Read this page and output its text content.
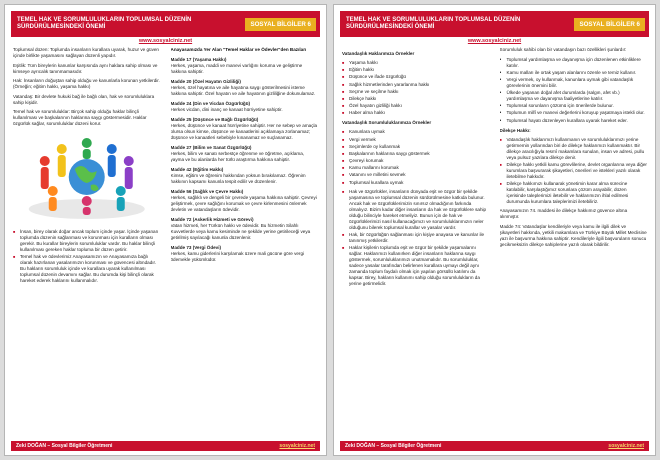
TEMEL HAK VE SORUMLULUKLARIN TOPLUMSAL DÜZENİN
SÜRDÜRÜLMESİNDEKİ ÖNEMİ	SOSYAL BİLGİLER 6
www.sosyalciniz.net

Toplumsal düzen: Toplumda insanların kurallara uyarak, huzur ve güven içinde birlikte yaşamasını sağlayan düzenli yapıdır.

Eşitlik: Tüm bireylerin kanunlar karşısında aynı haklara sahip olması ve kimseye ayrıcalık tanınmamasıdır.

Hak: İnsanların doğuştan sahip olduğu ve kanunlarla korunan yetkilerdir. (Örneğin; eğitim hakkı, yaşama hakkı)

Vatandaş: Bir devlete hukuki bağ ile bağlı olan, hak ve sorumluluklara sahip kişidir.

Temel hak ve sorumluluklar: Birçok sahip olduğu haklar bilinçli kullanılması ve başkalarının haklarına saygı göstermesidir. Haklar özgürlük sağlar, sorumluluklar düzeni korur.

■ İnsan, birey olarak doğar ancak toplum içinde yaşar. İçinde yaşanan toplumda düzenin sağlanması ve korunması için kuralların olması gerekir. Bu kurallar bireylerin sorumluluklar vardır. Bu haklar bilinçli kullanılması gereken haklar topluma bir düzen getirir.
■ Temel hak ve ödevlerimiz Anayasamızın ve Anayasamıza bağlı olarak hazırlanan yasalarımızın korunması ve güvencesi altındadır. Bu hakların sorumluluk içinde ve kurallara uyarak kullanılması toplumsal düzenin devamını sağlar. Bu durumda kişi bilinçli olarak hareket ederek haklarını kullanmalıdır.

Anayasamızda Yer Alan "Temel Haklar ve Ödevler"den Bazıları

Madde 17 (Yaşama Hakkı)
Herkes, yaşama, maddi ve manevi varlığını koruma ve geliştirme hakkına sahiptir.
Madde 20 (Özel Hayatın Gizliliği)
Herkes, özel hayatına ve aile hayatına saygı gösterilmesini isteme hakkına sahiptir. Özel hayatın ve aile hayatının gizliliğine dokunulamaz.
Madde 24 (Din ve Vicdan Özgürlüğü)
Herkes vicdan, dini inanç ve kanaat hürriyetine sahiptir.
Madde 25 (Düşünce ve Bağlı Özgürlüğü)
Herkes, düşünce ve kanaat hürriyetine sahiptir. Her ne sebep ve amaçla olursa olsun kimse, düşünce ve kanaatlerini açıklamaya zorlanamaz; düşünce ve kanaatleri sebebiyle kınanamaz ve suçlanamaz.
Madde 27 (Bilim ve Sanat Özgürlüğü)
Herkes, bilim ve sanatı serbestçe öğrenme ve öğretme, açıklama, yayma ve bu alanlarda her türlü araştırma hakkına sahiptir.
Madde 42 (Eğitim Hakkı)
Kimse, eğitim ve öğrenim hakkından yoksun bırakılamaz. Öğrenim hakkının kapsamı kanunla tespit edilir ve düzenlenir.
Madde 56 (Sağlık ve Çevre Hakkı)
Herkes, sağlıklı ve dengeli bir çevrede yaşama hakkına sahiptir. Çevreyi geliştirmek, çevre sağlığını korumak ve çevre kirlenmesini önlemek devletin ve vatandaşların ödevidir.
Madde 72 (Askerlik Hizmeti ve Görevi)
Vatan hizmeti, her Türkün hakkı ve ödevidir. Bu hizmetin Silahlı Kuvvetlerde veya kamu kesiminde ne şekilde yerine getirileceği veya getirilmiş sayılacağı kanunla düzenlenir.
Madde 73 (Vergi Ödevi)
Herkes, kamu giderlerini karşılamak üzere mali gücüne göre vergi ödemekle yükümlüdür.
Zeki DOĞAN – Sosyal Bilgiler Öğretmeni	sosyalciniz.net
TEMEL HAK VE SORUMLULUKLARIN TOPLUMSAL DÜZENİN
SÜRDÜRÜLMESİNDEKİ ÖNEMİ	SOSYAL BİLGİLER 6
www.sosyalciniz.net

Vatandaşlık Haklarımıza Örnekler

■ Yaşama hakkı
■ Eğitim hakkı
■ Düşünce ve ifade özgürlüğü
■ Sağlık hizmetlerinden yararlanma hakkı
■ Seçme ve seçilme hakkı
■ Dilekçe hakkı
■ Özel hayatın gizliliği hakkı
■ Haber alma hakkı

Vatandaşlık Sorumluluklarımıza Örnekler

■ Kanunlara uymak
■ Vergi vermek
■ Seçimlerde oy kullanmak
■ Başkalarının haklarına saygı göstermek
■ Çevreyi korumak
■ Kamu mallarını korumak
■ Vatanını ve milletini sevmek
■ Toplumsal kurallara uymak
■ Hak ve özgürlükler, insanların dünyada eşit ve özgür bir şekilde yaşamasına ve toplumsal düzenin sürdürülmesine katkıda bulunur. Ancak hak ve özgürlüklerimizin sınırsız olmadığının farkında olmalıyız. Bizim kadar diğer insanların da hak ve özgürlüklere sahip olduğu bilinciyle hareket etmeliyiz. Bunun için de hak ve özgürlüklerimizi nasıl kullanacağımızı ve sorumluluklarımızın neler olduğunu bilerek toplumsal kurallar ve yasalar vardır.
■ Hak, bir özgürlüğün sağlanması için kişiye anayasa ve kanunlar ile tanınmış yetkilerdir.
■ Haklar kişilerin toplumda eşit ve özgür bir şekilde yaşamalarını sağlar. Haklarımızı kullanırken diğer insanların haklarına saygı göstermek, sorumluluklarımızı unutmamalıdır. Bu sorumluluklar, sadece yasalar tarafından belirlenen kurallara uymayı değil aynı zamanda toplum faydalı olmak için yapılan görsüllü katılımı da kapsar. Birey, hakların kullanımı sahip olduğu sorumlulukların da yerine getirmelidir.

Sorumluluk sahibi olan bir vatandaşın bazı özellikleri şunlardır:

• Toplumsal yardımlaşma ve dayanışma için düzenlenen etkinliklere katılır.
• Kamu malları ile ortak yaşam alanlarını özenle ve temiz kullanır.
• Vergi vermek, oy kullanmak, kanunlara uymak gibi vatandaşlık görevlerinin önemini bilir.
• Ülkede yaşanan doğal afet durumlarda (salgın, afet vb.) yardımlaşma ve dayanışma faaliyetlerine katılır.
• Toplumsal sorunların çözümü için önerilerde bulunur.
• Toplumun millî ve manevi değerlerini koruyup yaşatmaya istekli olur.
• Toplumsal hayatı düzenleyen kurallara uyarak hareket eder.

Dilekçe Hakkı:

■ Vatandaşlık haklarımızı kullanmanın ve sorumluluklarımızı yerine getirmemin yollarından biri de dilekçe haklarımızı kullanmaktır. Bir dilekçe aracılığıyla resmî makamlara sunulan, insan ve adresi, pullu veya pulsuz yazılara dilekçe denir.
■ Dilekçe hakkı yetkili kamu görevlilerine, devlet organlarına veya diğer kurumlara başvurarak şikayetleri, önerileri ve istekleri yazılı olarak iletebilme hakkıdır.
■ Dilekçe hakkımızı kullanarak yönetimin karar alma sürecine katılabilir, karşılaştığımız sorunlara çözüm arayabilir, düzen içerisinde taleplerimizi iletebilir ve haklarımızın ihlal edilmesi durumunda kurumlara taleplerimizi iletebiliriz.

Anayasamızın 74. maddesi ile dilekçe hakkımız güvence altına alınmıştır.

Madde 74: Vatandaşlar kendileriyle veya kamu ile ilgili dilek ve şikayetleri hakkında, yetkili makamlara ve Türkiye Büyük Millet Meclisine yazı ile başvurma hakkına sahiptir. Kendileriyle ilgili başvuruların sonucu gecikmeksizin dilekçe sahiplerine yazılı olarak bildirilir.

Zeki DOĞAN – Sosyal Bilgiler Öğretmeni	sosyalciniz.net
